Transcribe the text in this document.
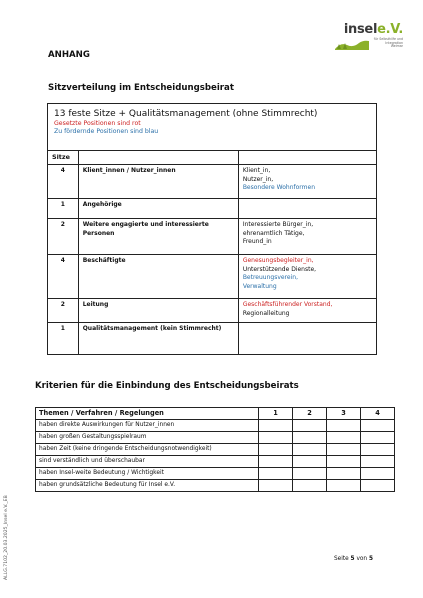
insele.V.
für Selbsthilfe und Integration
Weimar
ANHANG
Sitzverteilung im Entscheidungsbeirat
13 feste Sitze + Qualitätsmanagement (ohne Stimmrecht)
Gesetzte Positionen sind rot
Zu fördernde Positionen sind blau		

Sitze		
4	Klient_innen / Nutzer_innen	Klient_in,
Nutzer_in,
Besondere Wohnformen

1	Angehörige	
2	Weitere engagierte und interessierte Personen	Interessierte Bürger_in,
ehrenamtlich Tätige,
Freund_in

4	Beschäftigte	Genesungsbegleiter_in,
Unterstützende Dienste,
Betreuungsverein,
Verwaltung

2	Leitung	Geschäftsführender Vorstand,
Regionalleitung

1	Qualitätsmanagement (kein Stimmrecht)	
Kriterien für die Einbindung des Entscheidungsbeirats
Themen / Verfahren / Regelungen	1	2	3	4
haben direkte Auswirkungen für Nutzer_innen				
haben großen Gestaltungsspielraum				
haben Zeit (keine dringende Entscheidungsnotwendigkeit)				
sind verständlich und überschaubar				
haben Insel-weite Bedeutung / Wichtigkeit				
haben grundsätzliche Bedeutung für Insel e.V.				
ALLG.7102_20.03.2025_Insel e.V._EB	Seite 5 von 5
